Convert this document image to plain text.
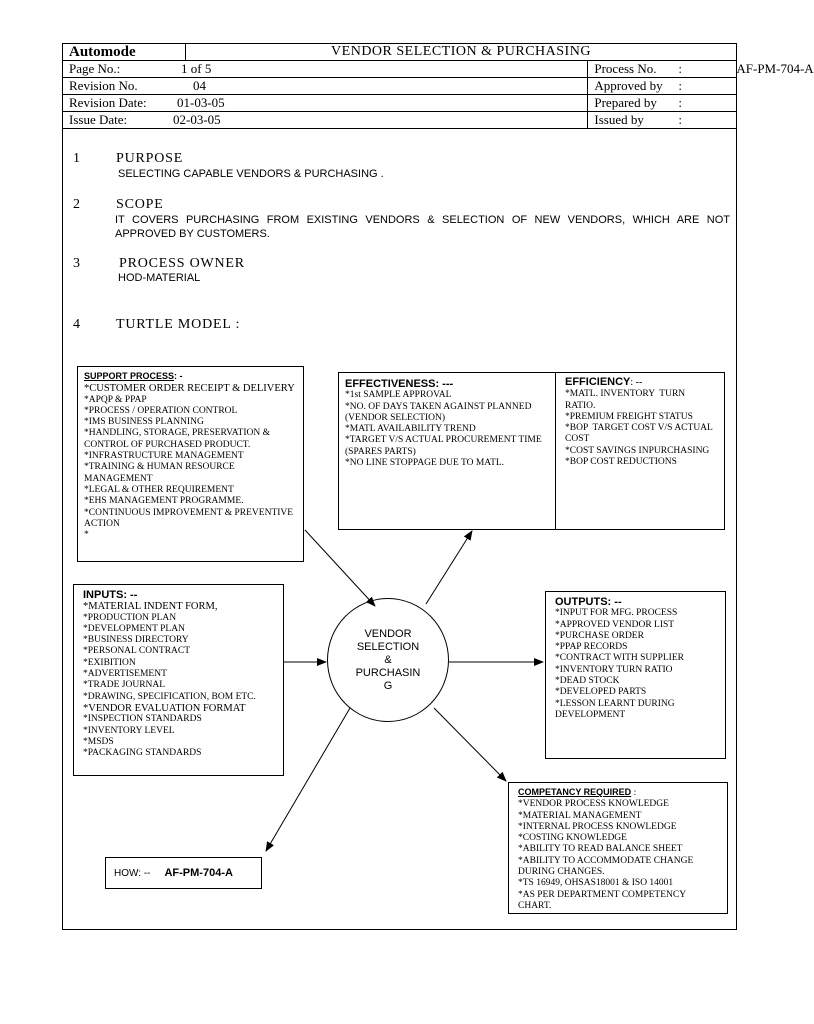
Automode	VENDOR SELECTION & PURCHASING	
Page No.: 1 of 5		Process No. : AF-PM-704-A

Revision No. 04		Approved by :

Revision Date: 01-03-05		Prepared by :

Issue Date: 02-03-05		Issued by :
1	PURPOSE
SELECTING CAPABLE VENDORS & PURCHASING .
2	SCOPE
IT COVERS PURCHASING FROM EXISTING VENDORS & SELECTION OF NEW VENDORS, WHICH ARE NOT APPROVED BY CUSTOMERS.
3	PROCESS OWNER
HOD-MATERIAL
4	TURTLE MODEL :
SUPPORT PROCESS: -
*CUSTOMER ORDER RECEIPT & DELIVERY
*APQP & PPAP
*PROCESS / OPERATION CONTROL
*IMS BUSINESS PLANNING
*HANDLING, STORAGE, PRESERVATION & CONTROL OF PURCHASED PRODUCT.
*INFRASTRUCTURE MANAGEMENT
*TRAINING & HUMAN RESOURCE MANAGEMENT
*LEGAL & OTHER REQUIREMENT
*EHS MANAGEMENT PROGRAMME.
*CONTINUOUS IMPROVEMENT & PREVENTIVE ACTION
*
EFFECTIVENESS: ---
*1st SAMPLE APPROVAL
*NO. OF DAYS TAKEN AGAINST PLANNED (VENDOR SELECTION)
*MATL AVAILABILITY TREND
*TARGET V/S ACTUAL PROCUREMENT TIME (SPARES PARTS)
*NO LINE STOPPAGE DUE TO MATL.
EFFICIENCY: --
*MATL. INVENTORY  TURN RATIO.
*PREMIUM FREIGHT STATUS
*BOP  TARGET COST V/S ACTUAL COST
*COST SAVINGS INPURCHASING
*BOP COST REDUCTIONS
INPUTS: --
*MATERIAL INDENT FORM,
*PRODUCTION PLAN
*DEVELOPMENT PLAN
*BUSINESS DIRECTORY
*PERSONAL CONTRACT
*EXIBITION
*ADVERTISEMENT
*TRADE JOURNAL
*DRAWING, SPECIFICATION, BOM ETC.
*VENDOR EVALUATION FORMAT
*INSPECTION STANDARDS
*INVENTORY LEVEL
*MSDS
*PACKAGING STANDARDS
VENDOR
SELECTION
&
PURCHASIN
G
OUTPUTS: --
*INPUT FOR MFG. PROCESS
*APPROVED VENDOR LIST
*PURCHASE ORDER
*PPAP RECORDS
*CONTRACT WITH SUPPLIER
*INVENTORY TURN RATIO
*DEAD STOCK
*DEVELOPED PARTS
*LESSON LEARNT DURING DEVELOPMENT
COMPETANCY REQUIRED :
*VENDOR PROCESS KNOWLEDGE
*MATERIAL MANAGEMENT
*INTERNAL PROCESS KNOWLEDGE
*COSTING KNOWLEDGE
*ABILITY TO READ BALANCE SHEET
*ABILITY TO ACCOMMODATE CHANGE DURING CHANGES.
*TS 16949, OHSAS18001 & ISO 14001
*AS PER DEPARTMENT COMPETENCY CHART.
HOW: -- AF-PM-704-A
